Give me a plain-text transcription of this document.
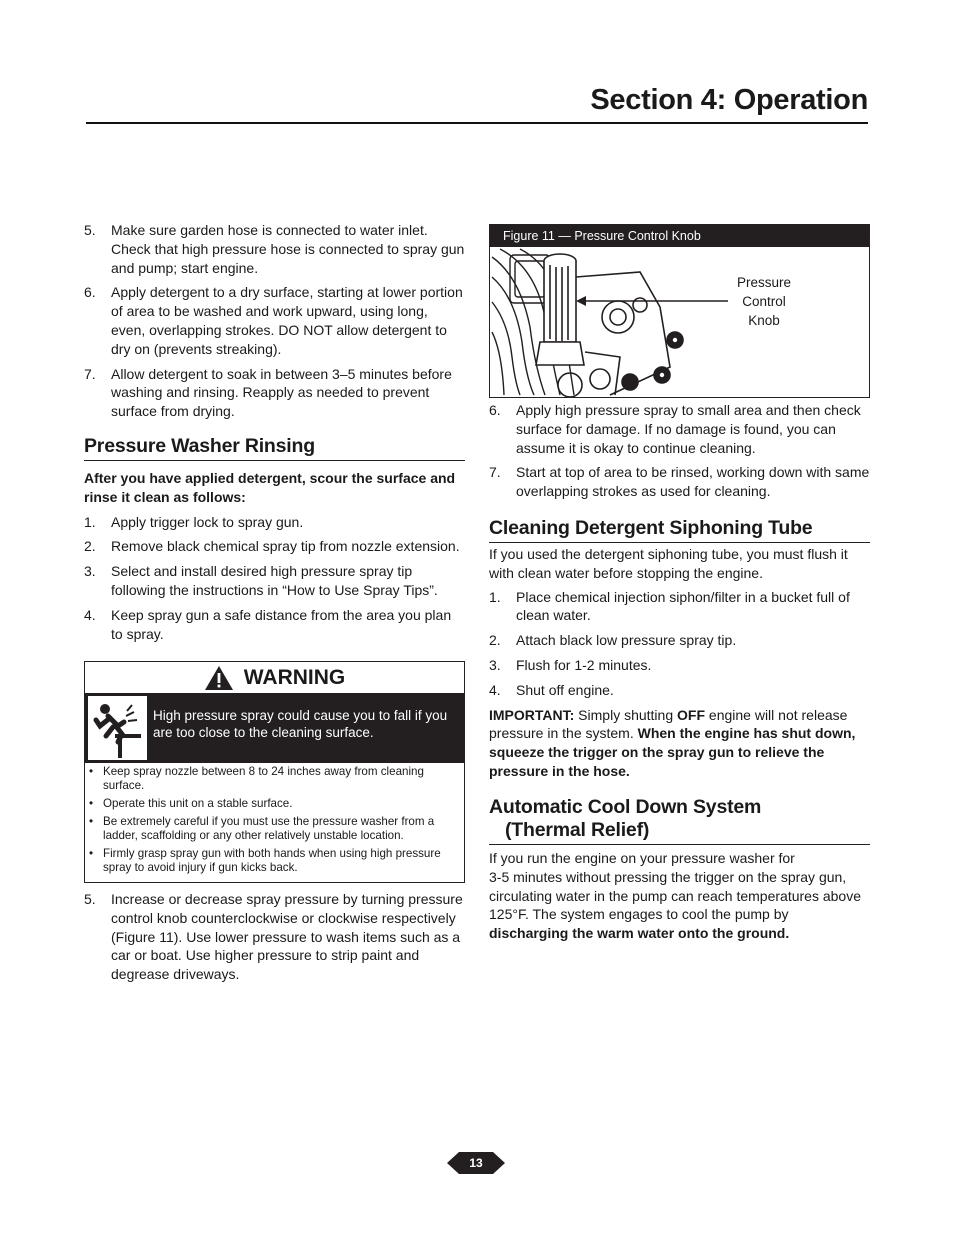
Section 4: Operation
5. Make sure garden hose is connected to water inlet. Check that high pressure hose is connected to spray gun and pump; start engine.
6. Apply detergent to a dry surface, starting at lower portion of area to be washed and work upward, using long, even, overlapping strokes. DO NOT allow detergent to dry on (prevents streaking).
7. Allow detergent to soak in between 3–5 minutes before washing and rinsing. Reapply as needed to prevent surface from drying.
Pressure Washer Rinsing

After you have applied detergent, scour the surface and rinse it clean as follows:

1. Apply trigger lock to spray gun.
2. Remove black chemical spray tip from nozzle extension.
3. Select and install desired high pressure spray tip following the instructions in “How to Use Spray Tips”.
4. Keep spray gun a safe distance from the area you plan to spray.
WARNING
High pressure spray could cause you to fall if you are too close to the cleaning surface.
• Keep spray nozzle between 8 to 24 inches away from cleaning surface.
• Operate this unit on a stable surface.
• Be extremely careful if you must use the pressure washer from a ladder, scaffolding or any other relatively unstable location.
• Firmly grasp spray gun with both hands when using high pressure spray to avoid injury if gun kicks back.
5. Increase or decrease spray pressure by turning pressure control knob counterclockwise or clockwise respectively (Figure 11). Use lower pressure to wash items such as a car or boat. Use higher pressure to strip paint and degrease driveways.
Figure 11 — Pressure Control Knob
Pressure
Control
Knob
6. Apply high pressure spray to small area and then check surface for damage. If no damage is found, you can assume it is okay to continue cleaning.
7. Start at top of area to be rinsed, working down with same overlapping strokes as used for cleaning.
Cleaning Detergent Siphoning Tube

If you used the detergent siphoning tube, you must flush it with clean water before stopping the engine.

1. Place chemical injection siphon/filter in a bucket full of clean water.
2. Attach black low pressure spray tip.
3. Flush for 1-2 minutes.
4. Shut off engine.

IMPORTANT: Simply shutting OFF engine will not release pressure in the system. When the engine has shut down, squeeze the trigger on the spray gun to relieve the pressure in the hose.

Automatic Cool Down System
(Thermal Relief)

If you run the engine on your pressure washer for
3-5 minutes without pressing the trigger on the spray gun, circulating water in the pump can reach temperatures above 125°F. The system engages to cool the pump by discharging the warm water onto the ground.

13
